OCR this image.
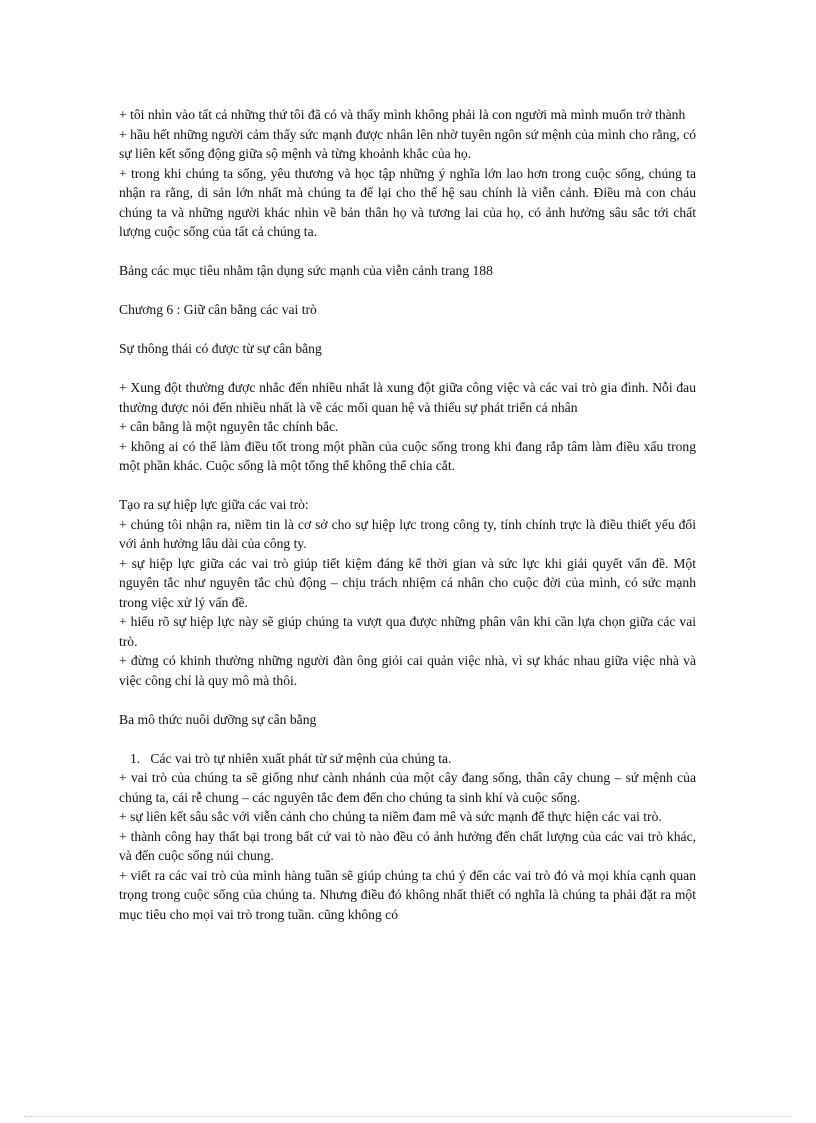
+ tôi nhìn vào tất cả những thứ tôi đã có và thấy mình không phải là con người mà mình muốn trở thành

+ hầu hết những người cảm thấy sức mạnh được nhân lên nhờ tuyên ngôn sứ mệnh của mình cho rằng, có sự liên kết sống động giữa sộ mệnh và từng khoảnh khắc của họ.

+ trong khi chúng ta sống, yêu thương và học tập những ý nghĩa lớn lao hơn trong cuộc sống, chúng ta nhận ra rằng, di sản lớn nhất mà chúng ta để lại cho thế hệ sau chính là viễn cảnh. Điều mà con cháu chúng ta và những người khác nhìn về bản thân họ và tương lai của họ, có ảnh hưởng sâu sắc tới chất lượng cuộc sống của tất cả chúng ta.

Bảng các mục tiêu nhằm tận dụng sức mạnh của viễn cảnh trang 188

Chương 6 : Giữ cân bằng các vai trò

Sự thông thái có được từ sự cân bằng

+ Xung đột thường được nhắc đến nhiều nhất là xung đột giữa công việc và các vai trò gia đình. Nỗi đau thường được nói đến nhiều nhất là về các mối quan hệ và thiếu sự phát triển cá nhân

+ cân bằng là một nguyên tắc chính bắc.

+ không ai có thể làm điều tốt trong một phần của cuộc sống trong khi đang rắp tâm làm điều xấu trong một phần khác. Cuộc sống là một tổng thể không thể chia cắt.

Tạo ra sự hiệp lực giữa các vai trò:

+ chúng tôi nhận ra, niềm tin là cơ sở cho sự hiệp lực trong công ty, tính chính trực là điều thiết yếu đối với ảnh hưởng lâu dài của công ty.

+ sự hiệp lực giữa các vai trò giúp tiết kiệm đáng kể thời gian và sức lực khi giải quyết vấn đề. Một nguyên tắc như nguyên tắc chủ động – chịu trách nhiệm cá nhân cho cuộc đời của mình, có sức mạnh trong việc xử lý vấn đề.

+ hiểu rõ sự hiệp lực này sẽ giúp chúng ta vượt qua được những phân vân khi cần lựa chọn giữa các vai trò.

+ đừng có khinh thường những người đàn ông giỏi cai quản việc nhà, vì sự khác nhau giữa việc nhà và việc công chỉ là quy mô mà thôi.

Ba mô thức nuôi dưỡng sự cân bằng

1. Các vai trò tự nhiên xuất phát từ sứ mệnh của chúng ta.

+ vai trò của chúng ta sẽ giống như cành nhánh của một cây đang sống, thân cây chung – sứ mệnh của chúng ta, cái rễ chung – các nguyên tắc đem đến cho chúng ta sinh khí và cuộc sống.

+ sự liên kết sâu sắc với viễn cảnh cho chúng ta niềm đam mê và sức mạnh để thực hiện các vai trò.

+ thành công hay thất bại trong bất cứ vai tò nào đều có ảnh hưởng đến chất lượng của các vai trò khác, và đến cuộc sống núi chung.

+ viết ra các vai trò của mình hàng tuần sẽ giúp chúng ta chú ý đến các vai trò đó và mọi khía cạnh quan trọng trong cuộc sống của chúng ta. Nhưng điều đó không nhất thiết có nghĩa là chúng ta phải đặt ra một mục tiêu cho mọi vai trò trong tuần. cũng không có
